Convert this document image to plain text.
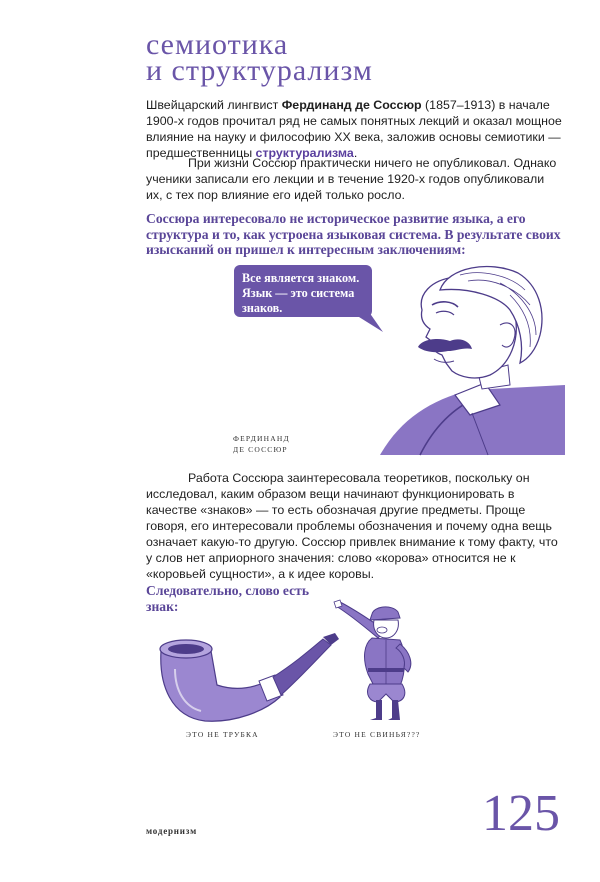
семиотика
и структурализм
Швейцарский лингвист Фердинанд де Соссюр (1857–1913) в начале 1900-х годов прочитал ряд не самых понятных лекций и оказал мощное влияние на науку и философию XX века, заложив основы семиотики — предшественницы структурализма.
При жизни Соссюр практически ничего не опубликовал. Однако ученики записали его лекции и в течение 1920-х годов опубликовали их, с тех пор влияние его идей только росло.
Соссюра интересовало не историческое развитие языка, а его структура и то, как устроена языковая система. В результате своих изысканий он пришел к интересным заключениям:
Все является знаком. Язык — это система знаков.
ФЕРДИНАНД
ДЕ СОССЮР
Работа Соссюра заинтересовала теоретиков, поскольку он исследовал, каким образом вещи начинают функционировать в качестве «знаков» — то есть обозначая другие предметы. Проще говоря, его интересовали проблемы обозначения и почему одна вещь означает какую-то другую. Соссюр привлек внимание к тому факту, что у слов нет априорного значения: слово «корова» относится не к «коровьей сущности», а к идее коровы.
Следовательно, слово есть знак:
ЭТО НЕ ТРУБКА	ЭТО НЕ СВИНЬЯ???
модернизм	125
